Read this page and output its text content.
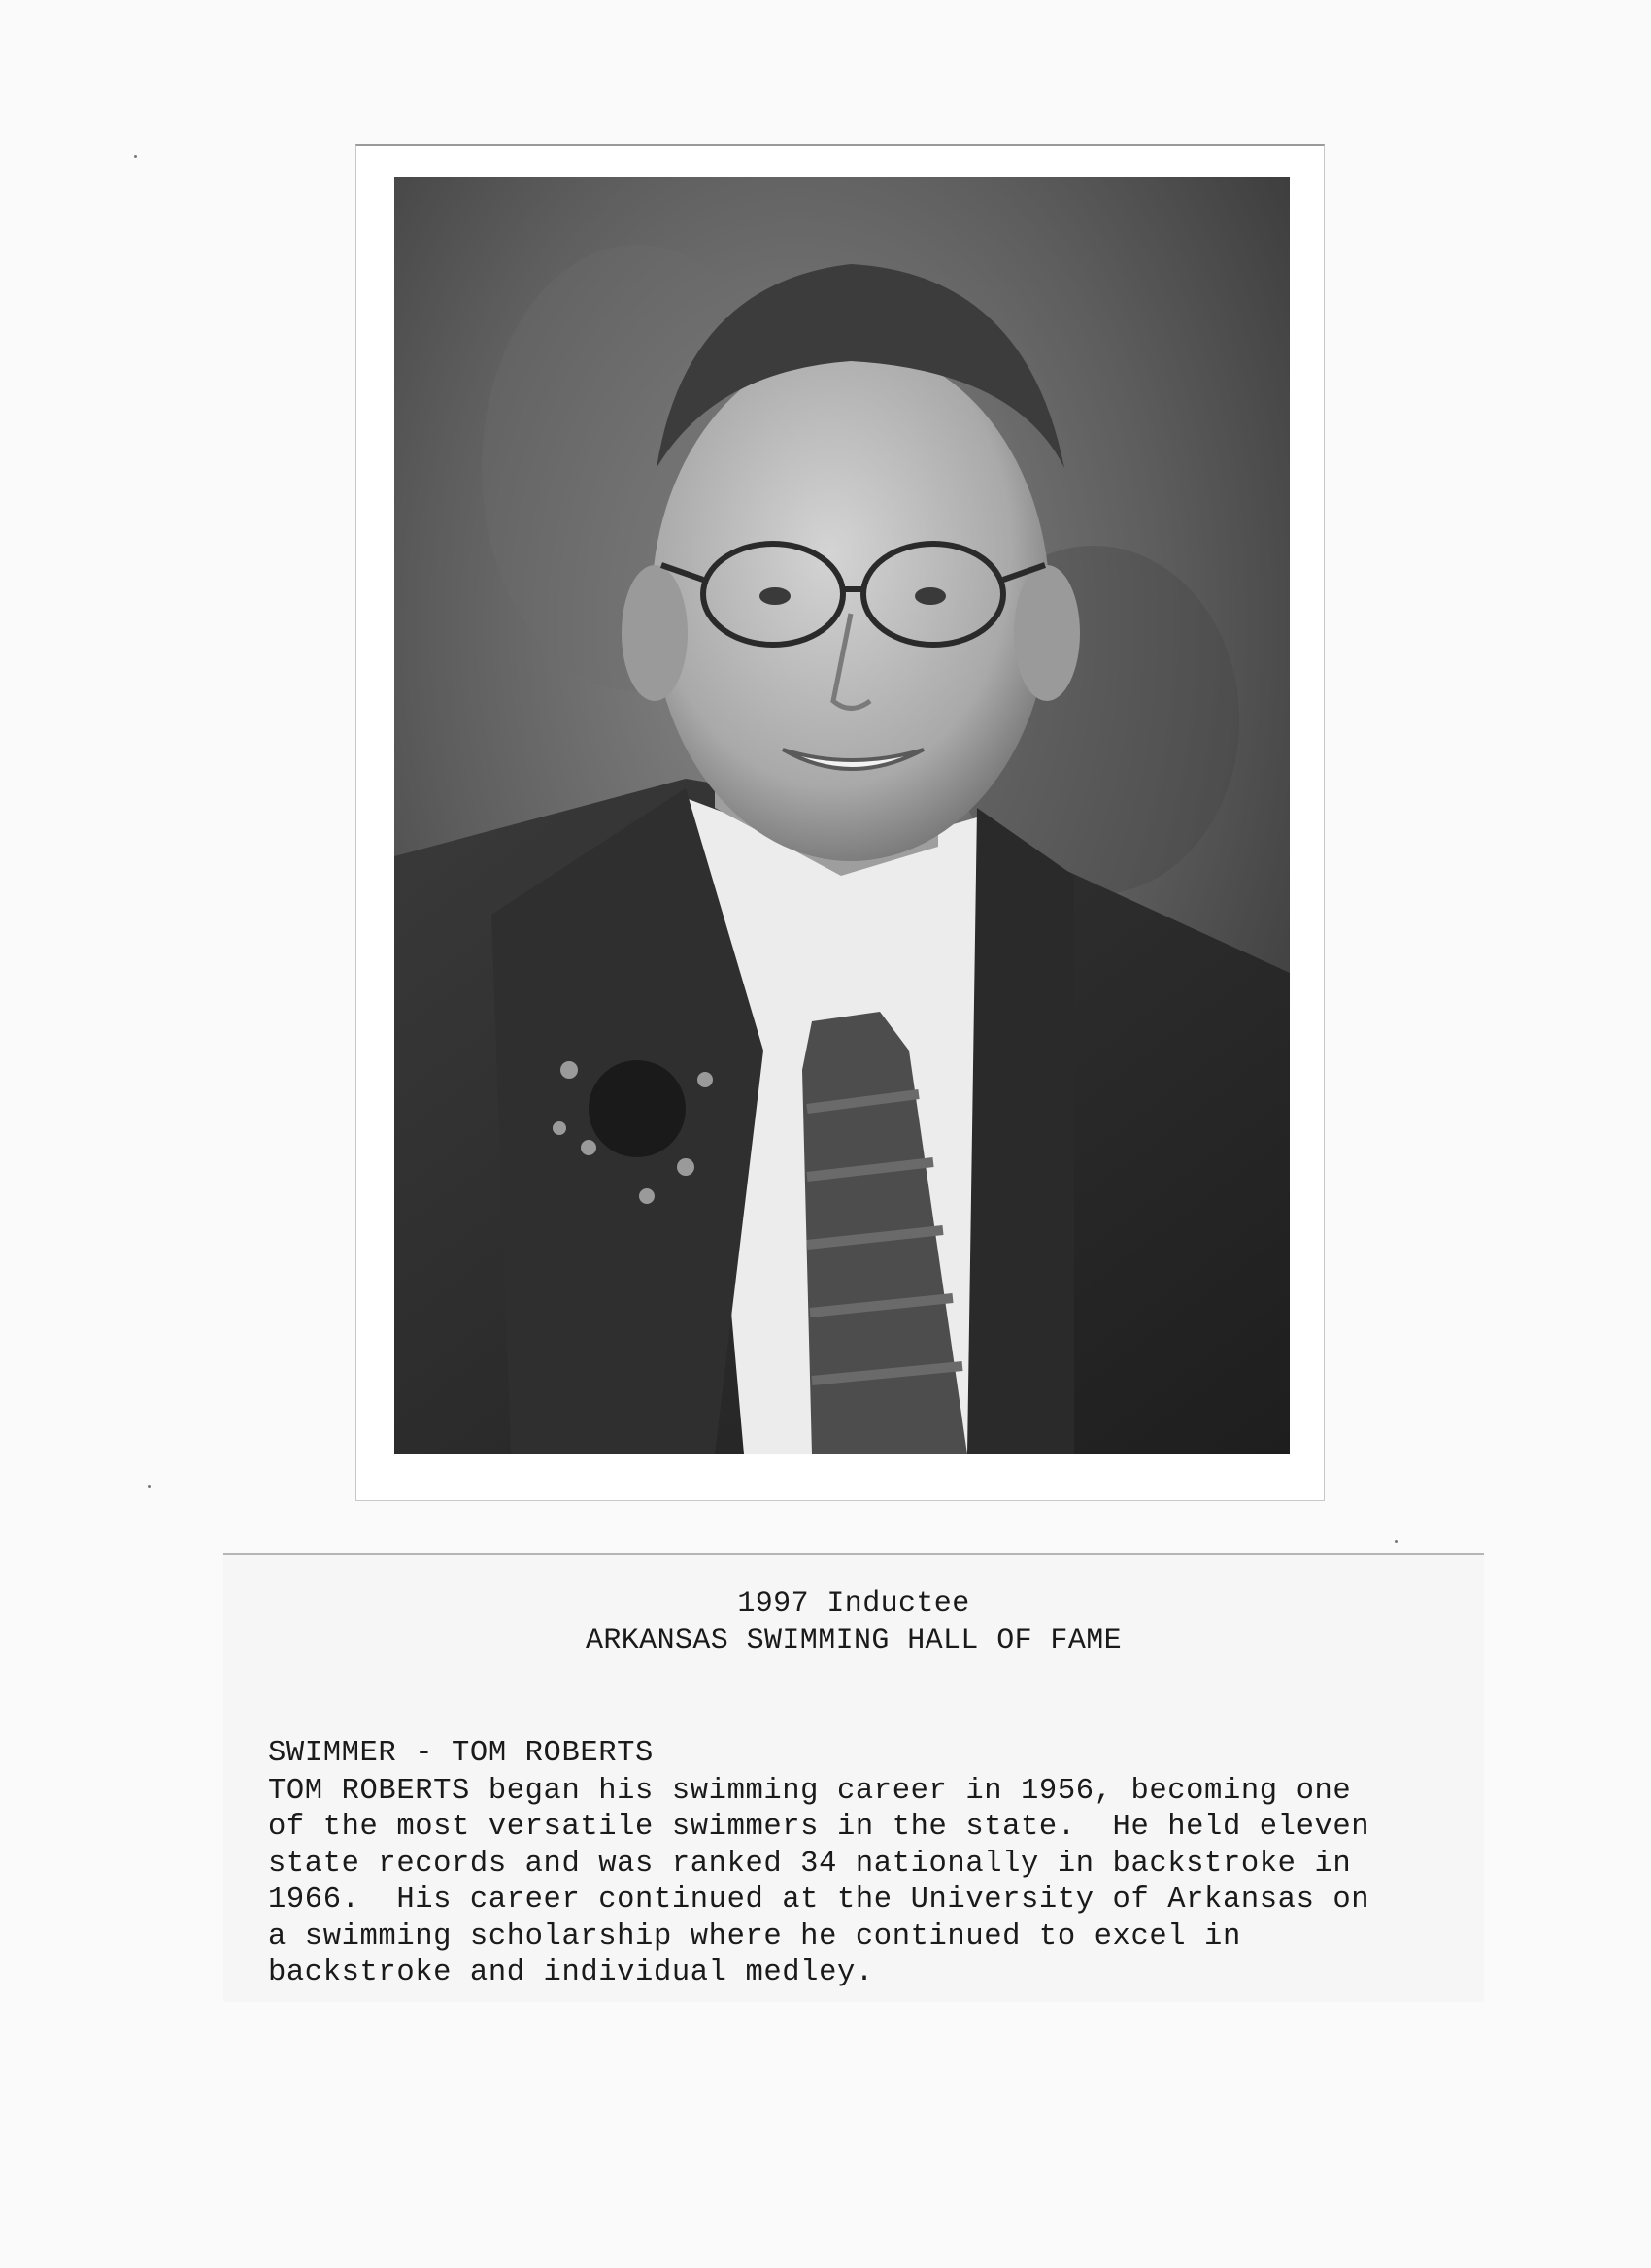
1997 Inductee
ARKANSAS SWIMMING HALL OF FAME
SWIMMER - TOM ROBERTS
TOM ROBERTS began his swimming career in 1956, becoming one
of the most versatile swimmers in the state.  He held eleven
state records and was ranked 34 nationally in backstroke in
1966.  His career continued at the University of Arkansas on
a swimming scholarship where he continued to excel in
backstroke and individual medley.
